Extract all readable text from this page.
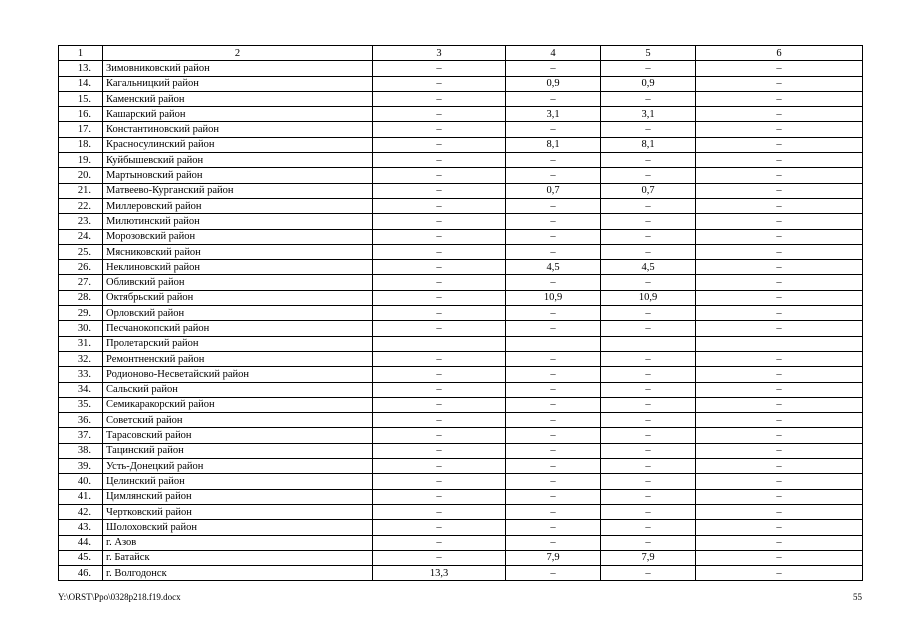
1	2	3	4	5	6
13.	Зимовниковский район	–	–	–	–
14.	Кагальницкий район	–	0,9	0,9	–
15.	Каменский район	–	–	–	–
16.	Кашарский район	–	3,1	3,1	–
17.	Константиновский район	–	–	–	–
18.	Красносулинский район	–	8,1	8,1	–
19.	Куйбышевский район	–	–	–	–
20.	Мартыновский район	–	–	–	–
21.	Матвеево-Курганский район	–	0,7	0,7	–
22.	Миллеровский район	–	–	–	–
23.	Милютинский район	–	–	–	–
24.	Морозовский район	–	–	–	–
25.	Мясниковский район	–	–	–	–
26.	Неклиновский район	–	4,5	4,5	–
27.	Обливский район	–	–	–	–
28.	Октябрьский район	–	10,9	10,9	–
29.	Орловский район	–	–	–	–
30.	Песчанокопский район	–	–	–	–
31.	Пролетарский район				
32.	Ремонтненский район	–	–	–	–
33.	Родионово-Несветайский район	–	–	–	–
34.	Сальский район	–	–	–	–
35.	Семикаракорский район	–	–	–	–
36.	Советский район	–	–	–	–
37.	Тарасовский район	–	–	–	–
38.	Тацинский район	–	–	–	–
39.	Усть-Донецкий район	–	–	–	–
40.	Целинский район	–	–	–	–
41.	Цимлянский район	–	–	–	–
42.	Чертковский район	–	–	–	–
43.	Шолоховский район	–	–	–	–
44.	г. Азов	–	–	–	–
45.	г. Батайск	–	7,9	7,9	–
46.	г. Волгодонск	13,3	–	–	–
Y:\ORST\Ppo\0328p218.f19.docx	55
